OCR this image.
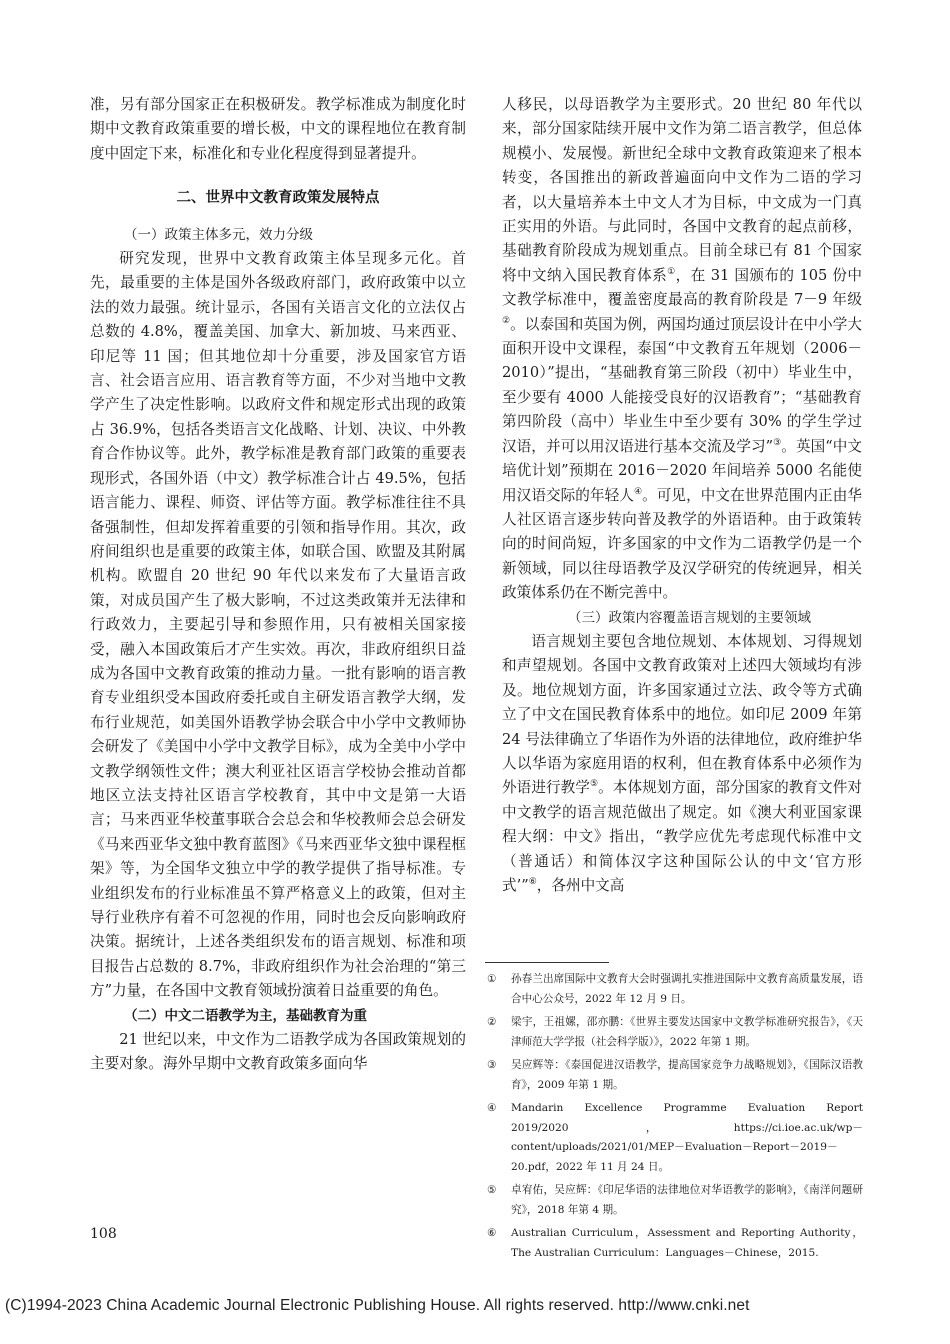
准，另有部分国家正在积极研发。教学标准成为制度化时期中文教育政策重要的增长极，中文的课程地位在教育制度中固定下来，标准化和专业化程度得到显著提升。

二、世界中文教育政策发展特点

（一）政策主体多元，效力分级

研究发现，世界中文教育政策主体呈现多元化。首先，最重要的主体是国外各级政府部门，政府政策中以立法的效力最强。统计显示，各国有关语言文化的立法仅占总数的 4.8%，覆盖美国、加拿大、新加坡、马来西亚、印尼等 11 国；但其地位却十分重要，涉及国家官方语言、社会语言应用、语言教育等方面，不少对当地中文教学产生了决定性影响。以政府文件和规定形式出现的政策占 36.9%，包括各类语言文化战略、计划、决议、中外教育合作协议等。此外，教学标准是教育部门政策的重要表现形式，各国外语（中文）教学标准合计占 49.5%，包括语言能力、课程、师资、评估等方面。教学标准往往不具备强制性，但却发挥着重要的引领和指导作用。其次，政府间组织也是重要的政策主体，如联合国、欧盟及其附属机构。欧盟自 20 世纪 90 年代以来发布了大量语言政策，对成员国产生了极大影响，不过这类政策并无法律和行政效力，主要起引导和参照作用，只有被相关国家接受，融入本国政策后才产生实效。再次，非政府组织日益成为各国中文教育政策的推动力量。一批有影响的语言教育专业组织受本国政府委托或自主研发语言教学大纲，发布行业规范，如美国外语教学协会联合中小学中文教师协会研发了《美国中小学中文教学目标》，成为全美中小学中文教学纲领性文件；澳大利亚社区语言学校协会推动首都地区立法支持社区语言学校教育，其中中文是第一大语言；马来西亚华校董事联合会总会和华校教师会总会研发《马来西亚华文独中教育蓝图》《马来西亚华文独中课程框架》等，为全国华文独立中学的教学提供了指导标准。专业组织发布的行业标准虽不算严格意义上的政策，但对主导行业秩序有着不可忽视的作用，同时也会反向影响政府决策。据统计，上述各类组织发布的语言规划、标准和项目报告占总数的 8.7%，非政府组织作为社会治理的“第三方”力量，在各国中文教育领域扮演着日益重要的角色。

（二）中文二语教学为主，基础教育为重

21 世纪以来，中文作为二语教学成为各国政策规划的主要对象。海外早期中文教育政策多面向华

人移民，以母语教学为主要形式。20 世纪 80 年代以来，部分国家陆续开展中文作为第二语言教学，但总体规模小、发展慢。新世纪全球中文教育政策迎来了根本转变，各国推出的新政普遍面向中文作为二语的学习者，以大量培养本土中文人才为目标，中文成为一门真正实用的外语。与此同时，各国中文教育的起点前移，基础教育阶段成为规划重点。目前全球已有 81 个国家将中文纳入国民教育体系①，在 31 国颁布的 105 份中文教学标准中，覆盖密度最高的教育阶段是 7－9 年级②。以泰国和英国为例，两国均通过顶层设计在中小学大面积开设中文课程，泰国“中文教育五年规划（2006－2010）”提出，“基础教育第三阶段（初中）毕业生中，至少要有 4000 人能接受良好的汉语教育”；“基础教育第四阶段（高中）毕业生中至少要有 30% 的学生学过汉语，并可以用汉语进行基本交流及学习”③。英国“中文培优计划”预期在 2016－2020 年间培养 5000 名能使用汉语交际的年轻人④。可见，中文在世界范围内正由华人社区语言逐步转向普及教学的外语语种。由于政策转向的时间尚短，许多国家的中文作为二语教学仍是一个新领域，同以往母语教学及汉学研究的传统迥异，相关政策体系仍在不断完善中。

（三）政策内容覆盖语言规划的主要领域

语言规划主要包含地位规划、本体规划、习得规划和声望规划。各国中文教育政策对上述四大领域均有涉及。地位规划方面，许多国家通过立法、政令等方式确立了中文在国民教育体系中的地位。如印尼 2009 年第 24 号法律确立了华语作为外语的法律地位，政府维护华人以华语为家庭用语的权利，但在教育体系中必须作为外语进行教学⑤。本体规划方面，部分国家的教育文件对中文教学的语言规范做出了规定。如《澳大利亚国家课程大纲：中文》指出，“教学应优先考虑现代标准中文（普通话）和简体汉字这种国际公认的中文‘官方形式’”⑥，各州中文高

①	孙春兰出席国际中文教育大会时强调扎实推进国际中文教育高质量发展，语合中心公众号，2022 年 12 月 9 日。
②	梁宇，王祖嫘，邵亦鹏：《世界主要发达国家中文教学标准研究报告》，《天津师范大学学报（社会科学版）》，2022 年第 1 期。
③	吴应辉等：《泰国促进汉语教学，提高国家竞争力战略规划》，《国际汉语教育》，2009 年第 1 期。
④	Mandarin Excellence Programme Evaluation Report 2019/2020，https://ci.ioe.ac.uk/wp－content/uploads/2021/01/MEP－Evaluation－Report－2019－20.pdf，2022 年 11 月 24 日。
⑤	卓宥佑，吴应辉：《印尼华语的法律地位对华语教学的影响》，《南洋问题研究》，2018 年第 4 期。
⑥	Australian Curriculum，Assessment and Reporting Authority，The Australian Curriculum：Languages－Chinese，2015.
108
(C)1994-2023 China Academic Journal Electronic Publishing House. All rights reserved. http://www.cnki.net
